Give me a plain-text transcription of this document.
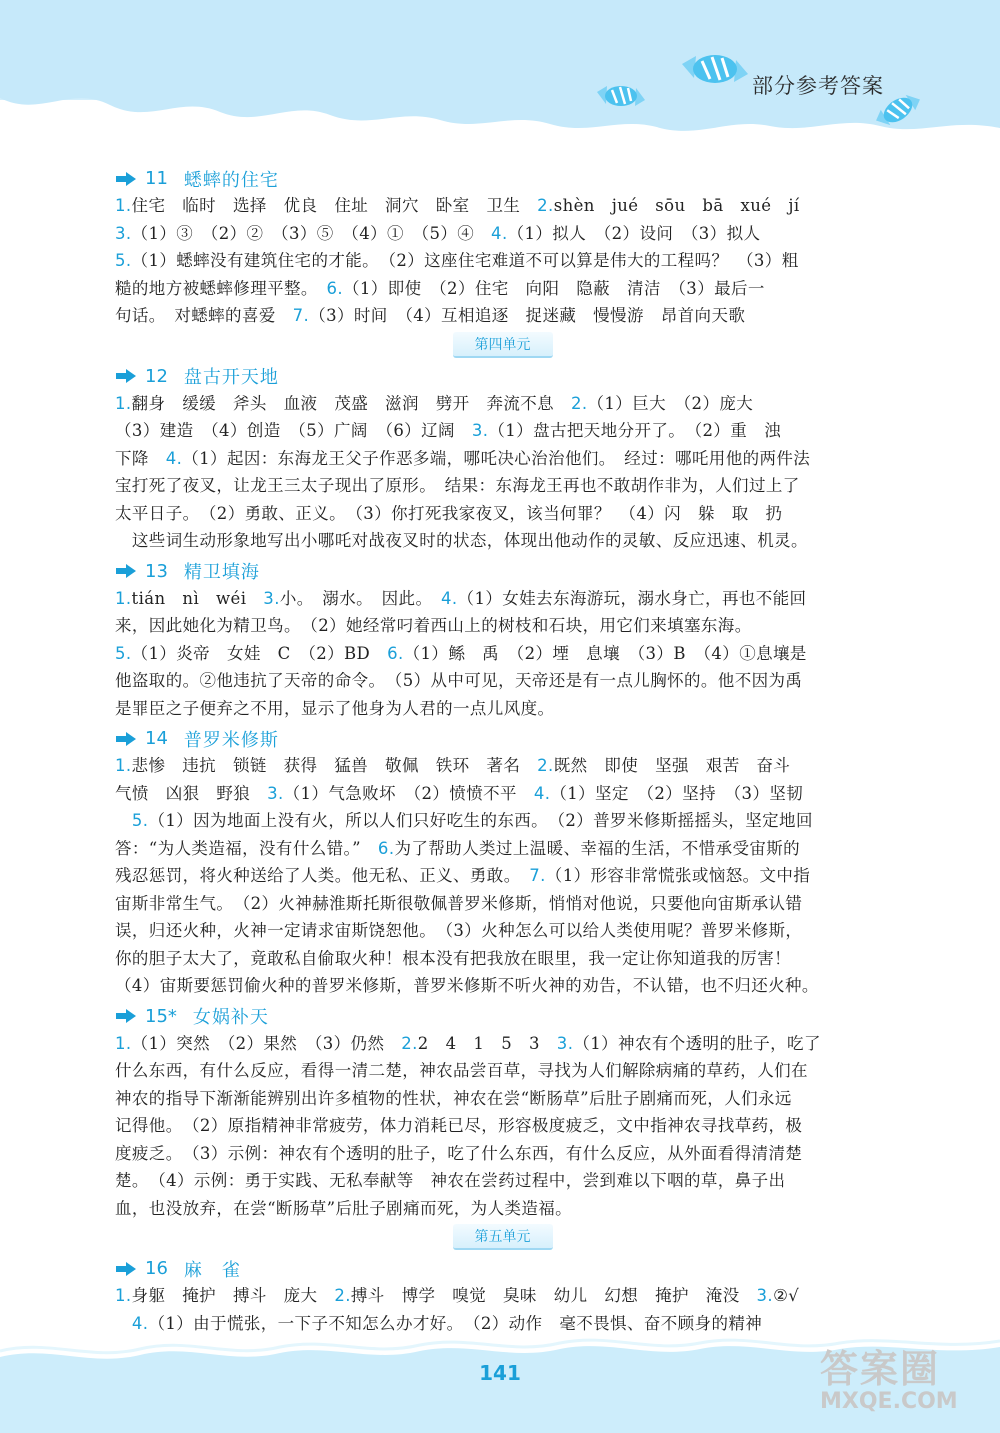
部分参考答案
11 蟋蟀的住宅
1.住宅　临时　选择　优良　住址　洞穴　卧室　卫生　2.shèn　jué　sōu　bā　xué　jí
3.（1）③　（2）②　（3）⑤　（4）①　（5）④　4.（1）拟人　（2）设问　（3）拟人
5.（1）蟋蟀没有建筑住宅的才能。　（2）这座住宅难道不可以算是伟大的工程吗？　（3）粗
糙的地方被蟋蟀修理平整。　6.（1）即使　（2）住宅　向阳　隐蔽　清洁　（3）最后一
句话。　对蟋蟀的喜爱　7.（3）时间　（4）互相追逐　捉迷藏　慢慢游　昂首向天歌
第四单元
12 盘古开天地
1.翻身　缓缓　斧头　血液　茂盛　滋润　劈开　奔流不息　2.（1）巨大　（2）庞大
（3）建造　（4）创造　（5）广阔　（6）辽阔　3.（1）盘古把天地分开了。　（2）重　浊
下降　4.（1）起因：东海龙王父子作恶多端，哪吒决心治治他们。　经过：哪吒用他的两件法
宝打死了夜叉，让龙王三太子现出了原形。　结果：东海龙王再也不敢胡作非为，人们过上了
太平日子。　（2）勇敢、正义。　（3）你打死我家夜叉，该当何罪？　（4）闪　躲　取　扔
　这些词生动形象地写出小哪吒对战夜叉时的状态，体现出他动作的灵敏、反应迅速、机灵。
13 精卫填海
1.tián　nì　wéi　3.小。　溺水。　因此。　4.（1）女娃去东海游玩，溺水身亡，再也不能回
来，因此她化为精卫鸟。　（2）她经常叼着西山上的树枝和石块，用它们来填塞东海。
5.（1）炎帝　女娃　C　（2）BD　6.（1）鲧　禹　（2）堙　息壤　（3）B　（4）①息壤是
他盗取的。②他违抗了天帝的命令。　（5）从中可见，天帝还是有一点儿胸怀的。他不因为禹
是罪臣之子便弃之不用，显示了他身为人君的一点儿风度。
14 普罗米修斯
1.悲惨　违抗　锁链　获得　猛兽　敬佩　铁环　著名　2.既然　即使　坚强　艰苦　奋斗
气愤　凶狠　野狼　3.（1）气急败坏　（2）愤愤不平　4.（1）坚定　（2）坚持　（3）坚韧
　5.（1）因为地面上没有火，所以人们只好吃生的东西。　（2）普罗米修斯摇摇头，坚定地回
答：“为人类造福，没有什么错。”　6.为了帮助人类过上温暖、幸福的生活，不惜承受宙斯的
残忍惩罚，将火种送给了人类。他无私、正义、勇敢。　7.（1）形容非常慌张或恼怒。文中指
宙斯非常生气。　（2）火神赫淮斯托斯很敬佩普罗米修斯，悄悄对他说，只要他向宙斯承认错
误，归还火种，火神一定请求宙斯饶恕他。　（3）火种怎么可以给人类使用呢？普罗米修斯，
你的胆子太大了，竟敢私自偷取火种！根本没有把我放在眼里，我一定让你知道我的厉害！
（4）宙斯要惩罚偷火种的普罗米修斯，普罗米修斯不听火神的劝告，不认错，也不归还火种。
15* 女娲补天
1.（1）突然　（2）果然　（3）仍然　2.2　4　1　5　3　3.（1）神农有个透明的肚子，吃了
什么东西，有什么反应，看得一清二楚，神农品尝百草，寻找为人们解除病痛的草药，人们在
神农的指导下渐渐能辨别出许多植物的性状，神农在尝“断肠草”后肚子剧痛而死，人们永远
记得他。　（2）原指精神非常疲劳，体力消耗已尽，形容极度疲乏，文中指神农寻找草药，极
度疲乏。　（3）示例：神农有个透明的肚子，吃了什么东西，有什么反应，从外面看得清清楚
楚。　（4）示例：勇于实践、无私奉献等　神农在尝药过程中，尝到难以下咽的草，鼻子出
血，也没放弃，在尝“断肠草”后肚子剧痛而死，为人类造福。
第五单元
16 麻　雀
1.身躯　掩护　搏斗　庞大　2.搏斗　博学　嗅觉　臭味　幼儿　幻想　掩护　淹没　3.②√
　4.（1）由于慌张，一下子不知怎么办才好。　（2）动作　毫不畏惧、奋不顾身的精神
141	答案圈
MXQE.COM
